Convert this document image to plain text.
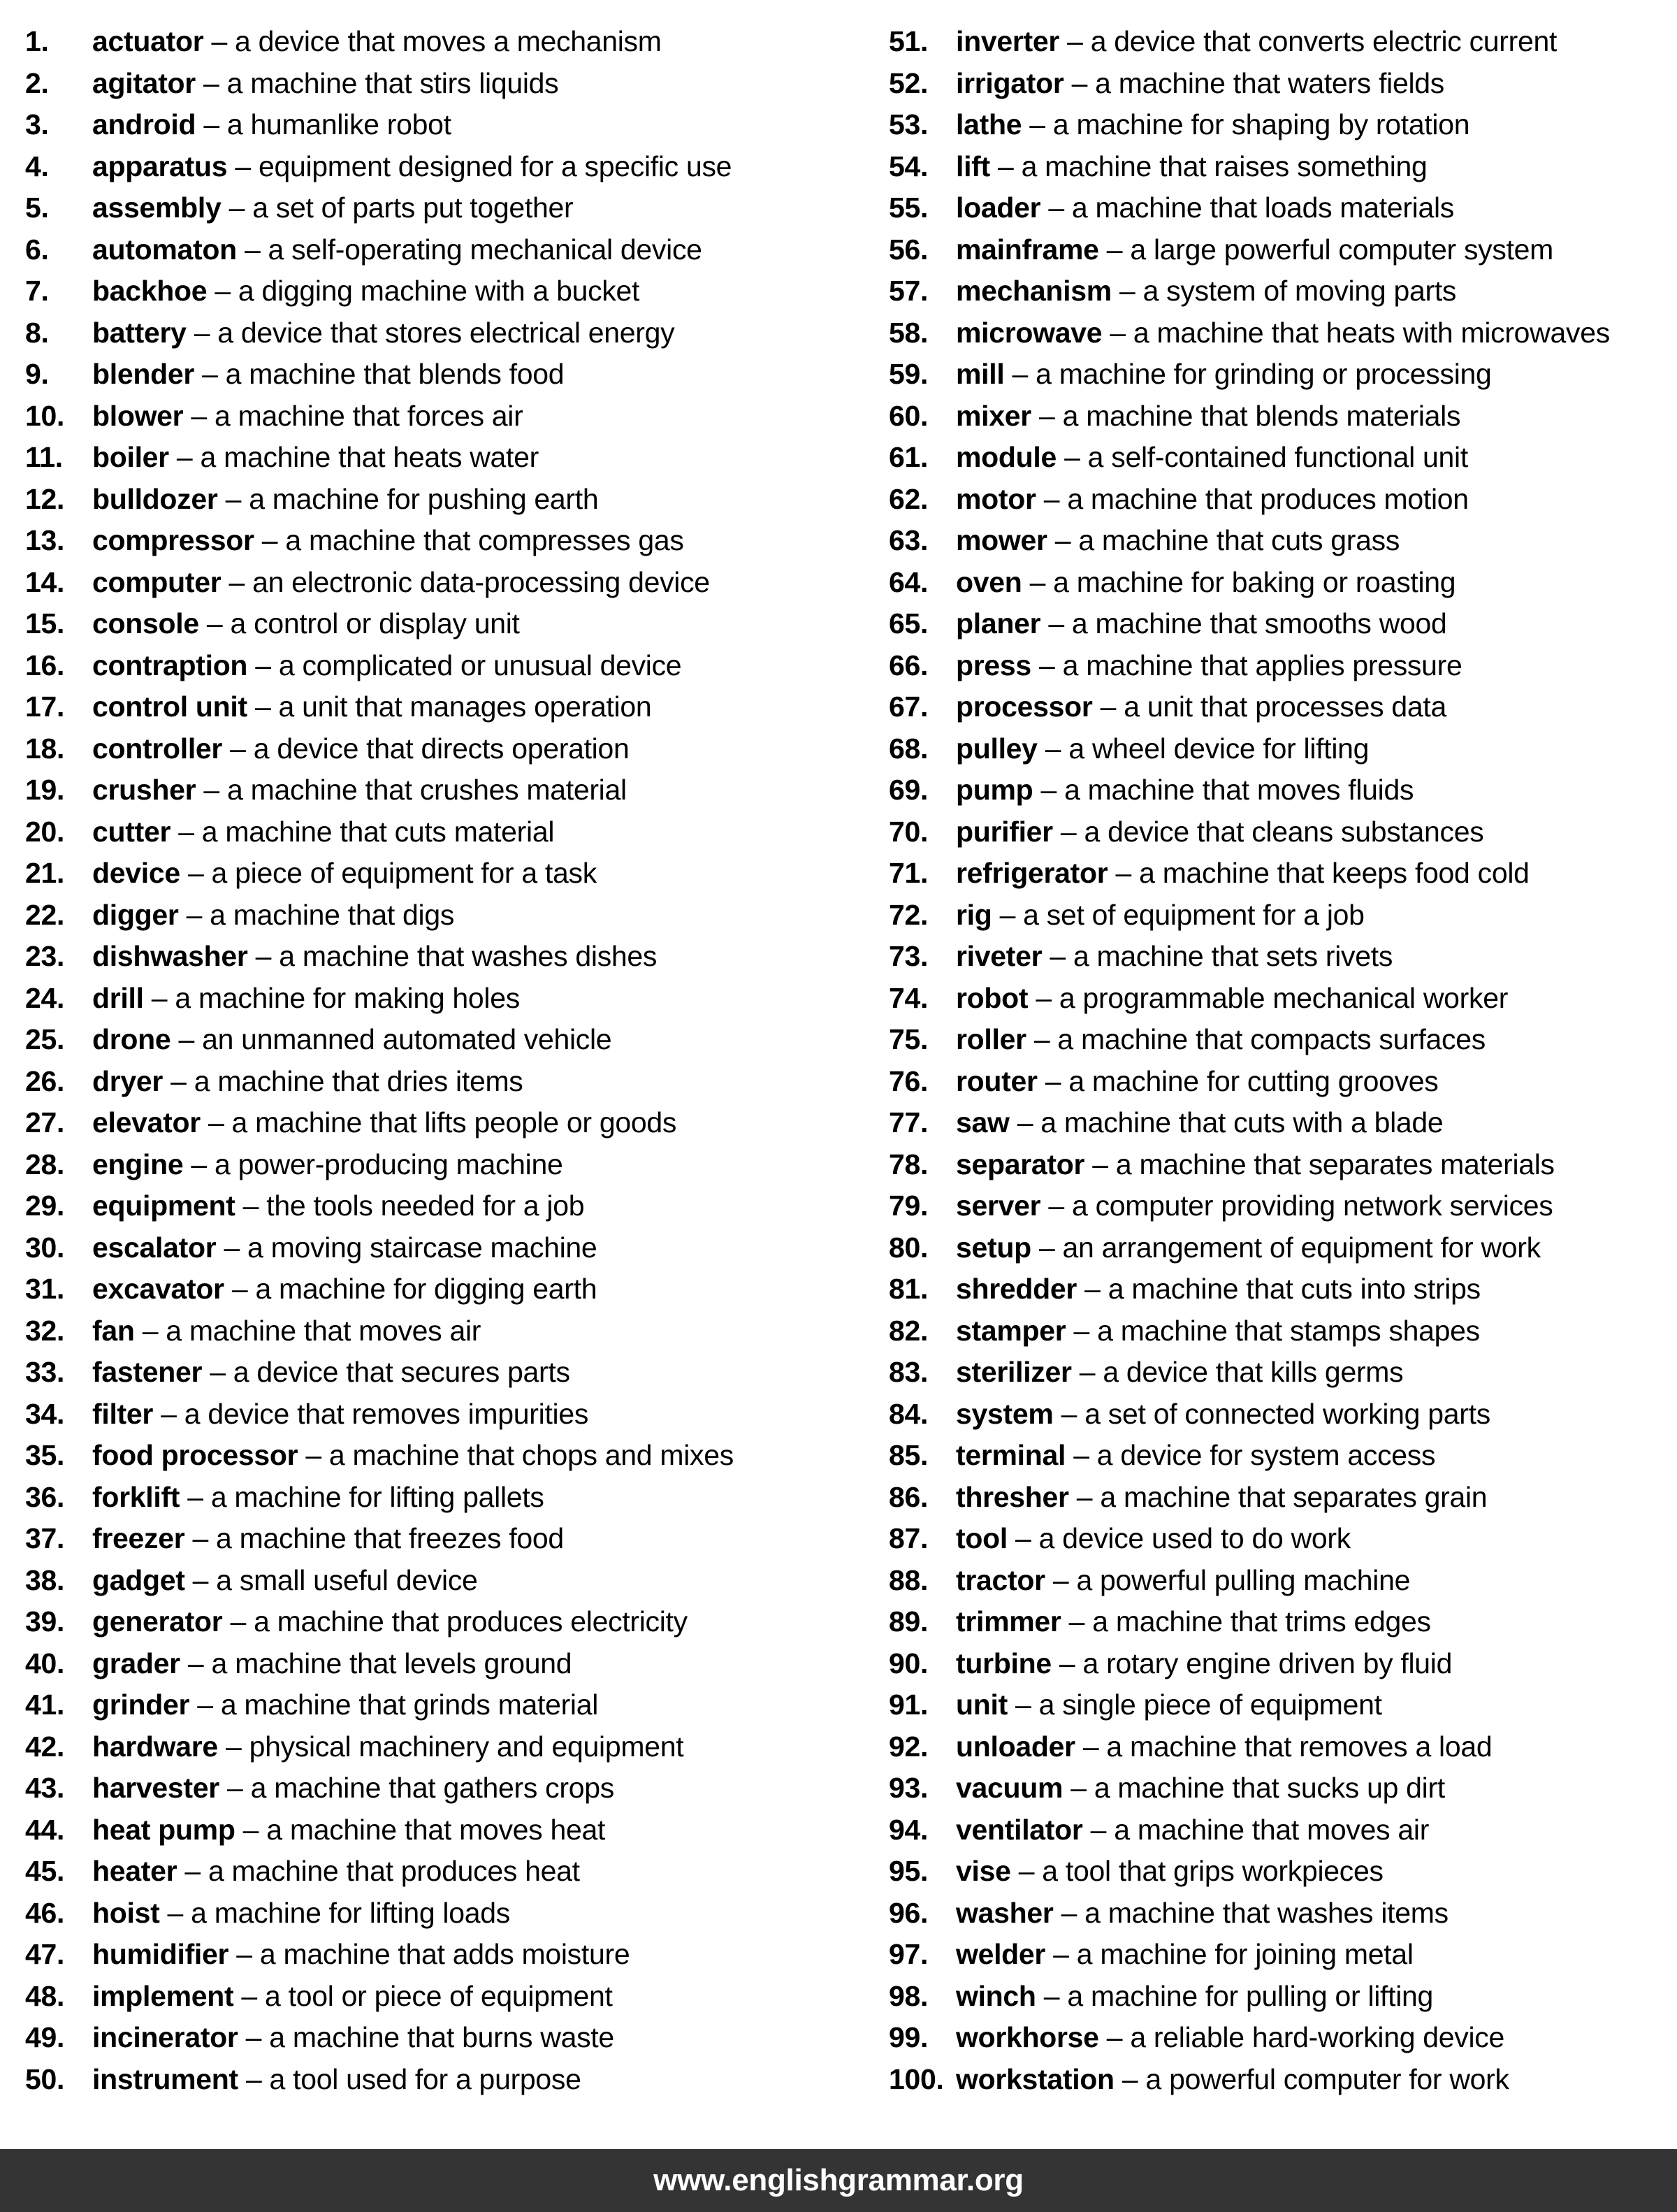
1.	actuator – a device that moves a mechanism
2.	agitator – a machine that stirs liquids
3.	android – a humanlike robot
4.	apparatus – equipment designed for a specific use
5.	assembly – a set of parts put together
6.	automaton – a self-operating mechanical device
7.	backhoe – a digging machine with a bucket
8.	battery – a device that stores electrical energy
9.	blender – a machine that blends food
10. blower – a machine that forces air
11.	boiler – a machine that heats water
12. bulldozer – a machine for pushing earth
13. compressor – a machine that compresses gas
14. computer – an electronic data-processing device
15. console – a control or display unit
16. contraption – a complicated or unusual device
17. control unit – a unit that manages operation
18. controller – a device that directs operation
19. crusher – a machine that crushes material
20. cutter – a machine that cuts material
21. device – a piece of equipment for a task
22. digger – a machine that digs
23. dishwasher – a machine that washes dishes
24. drill – a machine for making holes
25. drone – an unmanned automated vehicle
26. dryer – a machine that dries items
27. elevator – a machine that lifts people or goods
28. engine – a power-producing machine
29. equipment – the tools needed for a job
30. escalator – a moving staircase machine
31. excavator – a machine for digging earth
32. fan – a machine that moves air
33. fastener – a device that secures parts
34. filter – a device that removes impurities
35. food processor – a machine that chops and mixes
36. forklift – a machine for lifting pallets
37. freezer – a machine that freezes food
38. gadget – a small useful device
39. generator – a machine that produces electricity
40. grader – a machine that levels ground
41. grinder – a machine that grinds material
42. hardware – physical machinery and equipment
43. harvester – a machine that gathers crops
44. heat pump – a machine that moves heat
45. heater – a machine that produces heat
46. hoist – a machine for lifting loads
47. humidifier – a machine that adds moisture
48. implement – a tool or piece of equipment
49. incinerator – a machine that burns waste
50. instrument – a tool used for a purpose
51. inverter – a device that converts electric current
52. irrigator – a machine that waters fields
53. lathe – a machine for shaping by rotation
54. lift – a machine that raises something
55. loader – a machine that loads materials
56. mainframe – a large powerful computer system
57. mechanism – a system of moving parts
58. microwave – a machine that heats with microwaves
59. mill – a machine for grinding or processing
60. mixer – a machine that blends materials
61. module – a self-contained functional unit
62. motor – a machine that produces motion
63. mower – a machine that cuts grass
64. oven – a machine for baking or roasting
65. planer – a machine that smooths wood
66. press – a machine that applies pressure
67. processor – a unit that processes data
68. pulley – a wheel device for lifting
69. pump – a machine that moves fluids
70. purifier – a device that cleans substances
71. refrigerator – a machine that keeps food cold
72. rig – a set of equipment for a job
73. riveter – a machine that sets rivets
74. robot – a programmable mechanical worker
75. roller – a machine that compacts surfaces
76. router – a machine for cutting grooves
77. saw – a machine that cuts with a blade
78. separator – a machine that separates materials
79. server – a computer providing network services
80. setup – an arrangement of equipment for work
81. shredder – a machine that cuts into strips
82. stamper – a machine that stamps shapes
83. sterilizer – a device that kills germs
84. system – a set of connected working parts
85. terminal – a device for system access
86. thresher – a machine that separates grain
87. tool – a device used to do work
88. tractor – a powerful pulling machine
89. trimmer – a machine that trims edges
90. turbine – a rotary engine driven by fluid
91. unit – a single piece of equipment
92. unloader – a machine that removes a load
93. vacuum – a machine that sucks up dirt
94. ventilator – a machine that moves air
95. vise – a tool that grips workpieces
96. washer – a machine that washes items
97. welder – a machine for joining metal
98. winch – a machine for pulling or lifting
99. workhorse – a reliable hard-working device
100. workstation – a powerful computer for work
www.englishgrammar.org
